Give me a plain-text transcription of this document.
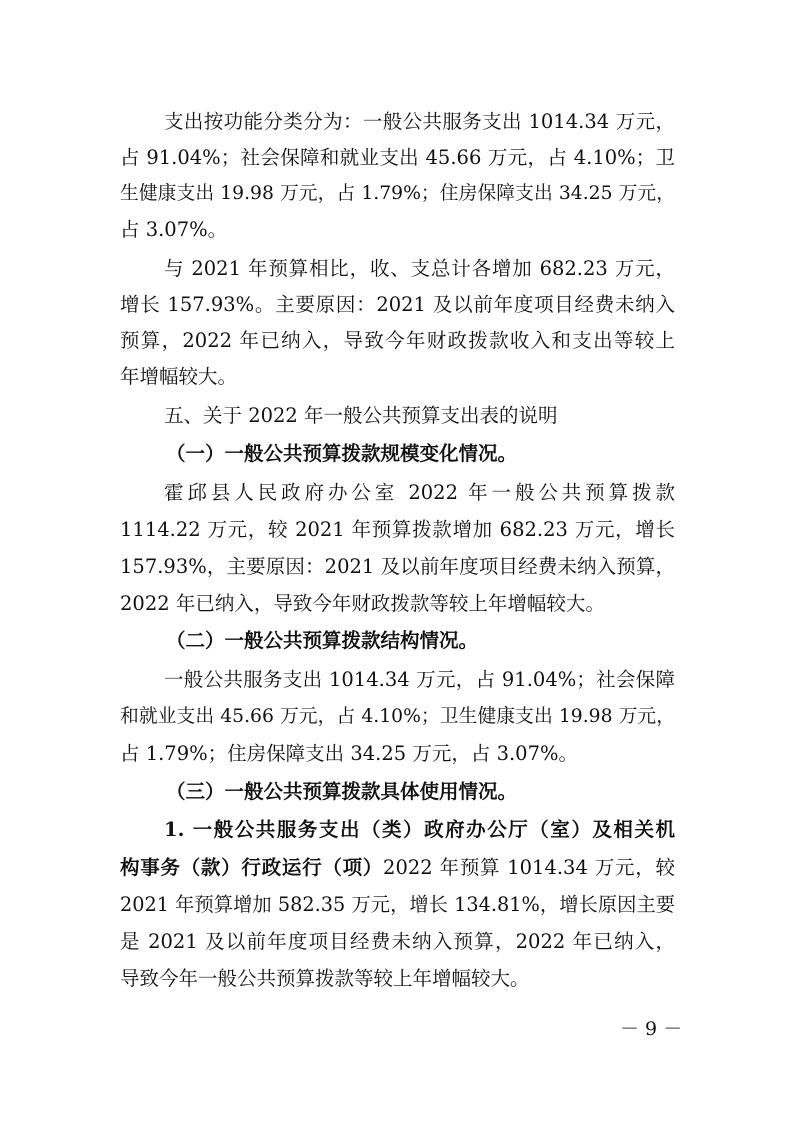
支出按功能分类分为：一般公共服务支出 1014.34 万元，
占 91.04%；社会保障和就业支出 45.66 万元，占 4.10%；卫
生健康支出 19.98 万元，占 1.79%；住房保障支出 34.25 万元，
占 3.07%。
与 2021 年预算相比，收、支总计各增加 682.23 万元，
增长 157.93%。主要原因：2021 及以前年度项目经费未纳入
预算，2022 年已纳入，导致今年财政拨款收入和支出等较上
年增幅较大。
五、关于 2022 年一般公共预算支出表的说明
（一）一般公共预算拨款规模变化情况。
霍邱县人民政府办公室 2022 年一般公共预算拨款
1114.22 万元，较 2021 年预算拨款增加 682.23 万元，增长
157.93%，主要原因：2021 及以前年度项目经费未纳入预算，
2022 年已纳入，导致今年财政拨款等较上年增幅较大。
（二）一般公共预算拨款结构情况。
一般公共服务支出 1014.34 万元，占 91.04%；社会保障
和就业支出 45.66 万元，占 4.10%；卫生健康支出 19.98 万元，
占 1.79%；住房保障支出 34.25 万元，占 3.07%。
（三）一般公共预算拨款具体使用情况。
1. 一般公共服务支出（类）政府办公厅（室）及相关机
构事务（款）行政运行（项）2022 年预算 1014.34 万元，较
2021 年预算增加 582.35 万元，增长 134.81%，增长原因主要
是 2021 及以前年度项目经费未纳入预算，2022 年已纳入，
导致今年一般公共预算拨款等较上年增幅较大。
－ 9 －
